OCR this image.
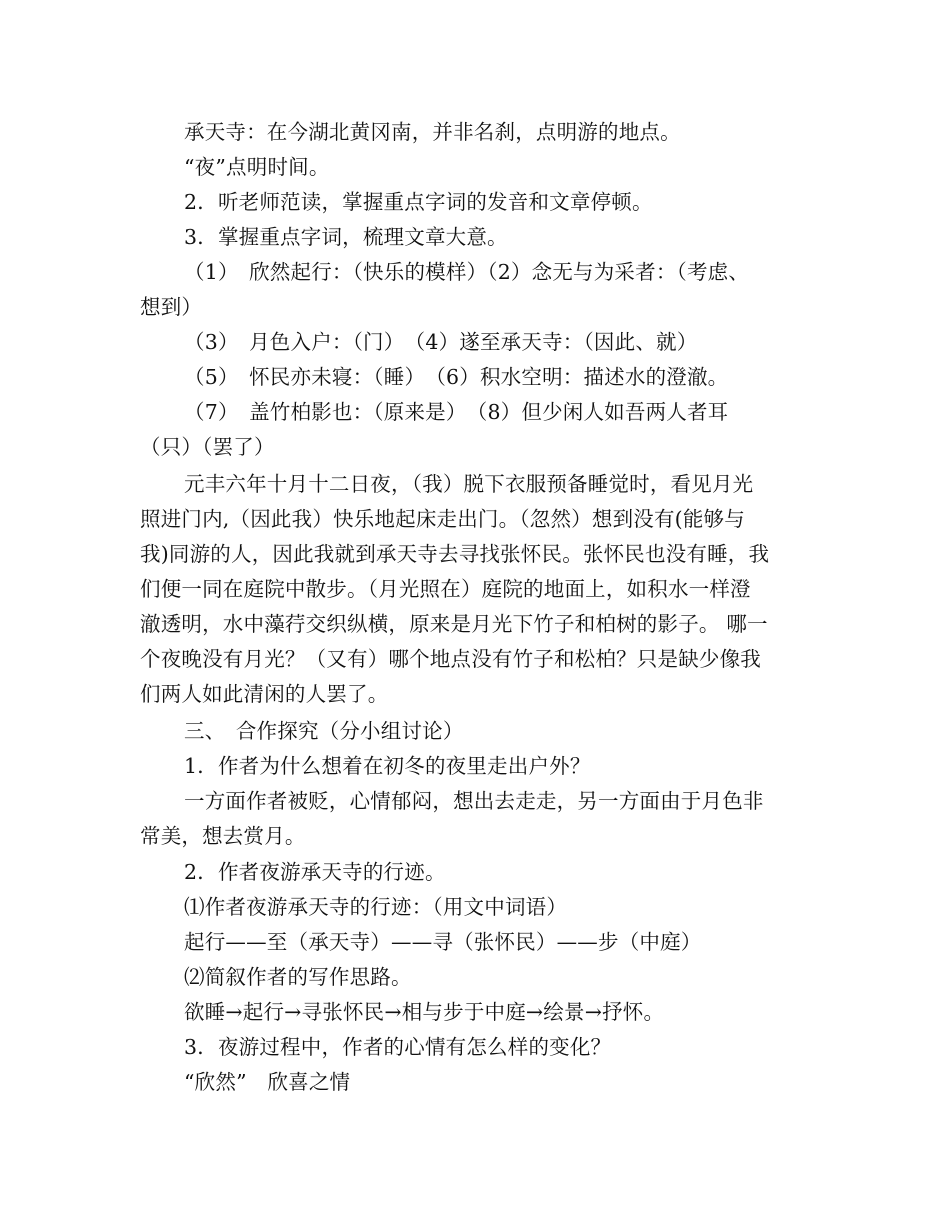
承天寺：在今湖北黄冈南，并非名刹，点明游的地点。
“夜”点明时间。
2．听老师范读，掌握重点字词的发音和文章停顿。
3．掌握重点字词，梳理文章大意。
（1）　欣然起行：（快乐的模样）（2）念无与为采者：（考虑、
想到）
（3）　月色入户：（门）　（4）遂至承天寺：（因此、就）
（5）　怀民亦未寝：（睡）　（6）积水空明：描述水的澄澈。
（7）　盖竹柏影也：（原来是）　（8）但少闲人如吾两人者耳
（只）（罢了）
元丰六年十月十二日夜，（我）脱下衣服预备睡觉时，看见月光
照进门内,（因此我）快乐地起床走出门。（忽然）想到没有(能够与
我)同游的人，因此我就到承天寺去寻找张怀民。张怀民也没有睡，我
们便一同在庭院中散步。（月光照在）庭院的地面上，如积水一样澄
澈透明，水中藻荇交织纵横，原来是月光下竹子和柏树的影子。 哪一
个夜晚没有月光？（又有）哪个地点没有竹子和松柏？只是缺少像我
们两人如此清闲的人罢了。
三、　合作探究（分小组讨论）
1．作者为什么想着在初冬的夜里走出户外？
一方面作者被贬，心情郁闷，想出去走走，另一方面由于月色非
常美，想去赏月。
2．作者夜游承天寺的行迹。
⑴作者夜游承天寺的行迹：（用文中词语）
起行——至（承天寺）——寻（张怀民）——步（中庭）
⑵简叙作者的写作思路。
欲睡→起行→寻张怀民→相与步于中庭→绘景→抒怀。
3．夜游过程中，作者的心情有怎么样的变化？
“欣然”　欣喜之情
